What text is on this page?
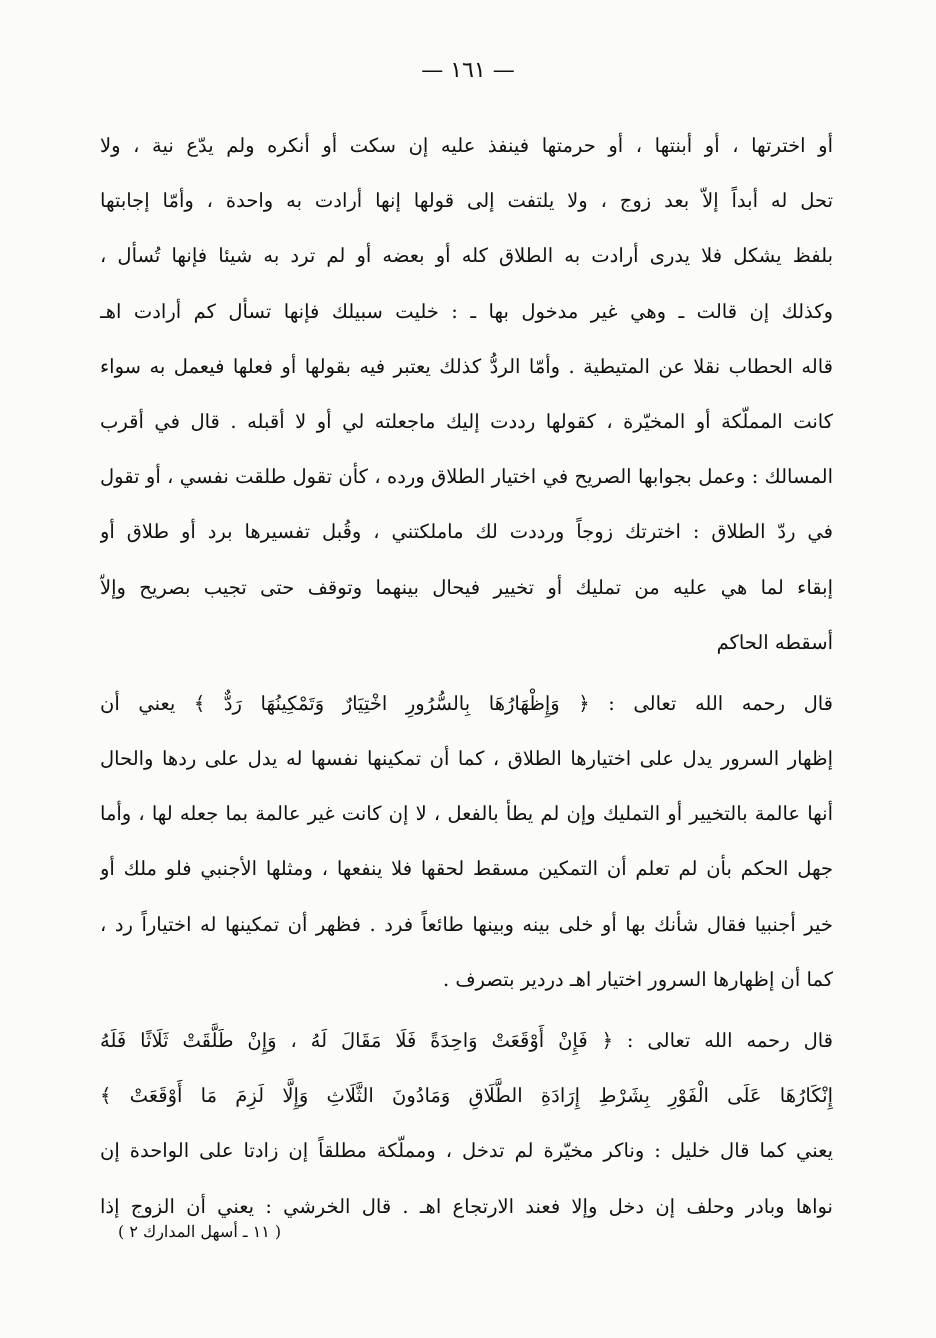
— ١٦١ —
أو اخترتها ، أو أبنتها ، أو حرمتها فينفذ عليه إن سكت أو أنكره ولم يدّع نية ، ولا
تحل له أبداً إلاّ بعد زوج ، ولا يلتفت إلى قولها إنها أرادت به واحدة ، وأمّا إجابتها
بلفظ يشكل فلا يدرى أرادت به الطلاق كله أو بعضه أو لم ترد به شيئا فإنها تُسأل ،
وكذلك إن قالت ـ وهي غير مدخول بها ـ : خليت سبيلك فإنها تسأل كم أرادت اهـ
قاله الحطاب نقلا عن المتيطية . وأمّا الردُّ كذلك يعتبر فيه بقولها أو فعلها فيعمل به سواء
كانت المملّكة أو المخيّرة ، كقولها رددت إليك ماجعلته لي أو لا أقبله . قال في أقرب
المسالك : وعمل بجوابها الصريح في اختيار الطلاق ورده ، كأن تقول طلقت نفسي ، أو تقول
في ردّ الطلاق : اخترتك زوجاً ورددت لك ماملكتني ، وقُبل تفسيرها برد أو طلاق أو
إبقاء لما هي عليه من تمليك أو تخيير فيحال بينهما وتوقف حتى تجيب بصريح وإلاّ
أسقطه الحاكم
قال رحمه الله تعالى : ﴿ وَإِظْهَارُهَا بِالسُّرُورِ اخْتِيَارٌ وَتَمْكِينُهَا رَدٌّ ﴾ يعني أن
إظهار السرور يدل على اختيارها الطلاق ، كما أن تمكينها نفسها له يدل على ردها والحال
أنها عالمة بالتخيير أو التمليك وإن لم يطأ بالفعل ، لا إن كانت غير عالمة بما جعله لها ، وأما
جهل الحكم بأن لم تعلم أن التمكين مسقط لحقها فلا ينفعها ، ومثلها الأجنبي فلو ملك أو
خير أجنبيا فقال شأنك بها أو خلى بينه وبينها طائعاً فرد . فظهر أن تمكينها له اختياراً رد ،
كما أن إظهارها السرور اختيار اهـ دردير بتصرف .
قال رحمه الله تعالى : ﴿ فَإِنْ أَوْقَعَتْ وَاحِدَةً فَلَا مَقَالَ لَهُ ، وَإِنْ طَلَّقَتْ ثَلَاثًا فَلَهُ
إِنْكَارُهَا عَلَى الْفَوْرِ بِشَرْطِ إِرَادَةِ الطَّلَاقِ وَمَادُونَ الثَّلَاثِ وَإِلَّا لَزِمَ مَا أَوْقَعَتْ ﴾
يعني كما قال خليل : وناكر مخيّرة لم تدخل ، ومملّكة مطلقاً إن زادتا على الواحدة إن
نواها وبادر وحلف إن دخل وإلا فعند الارتجاع اهـ . قال الخرشي : يعني أن الزوج إذا
( ١١ ـ أسهل المدارك ٢ )
